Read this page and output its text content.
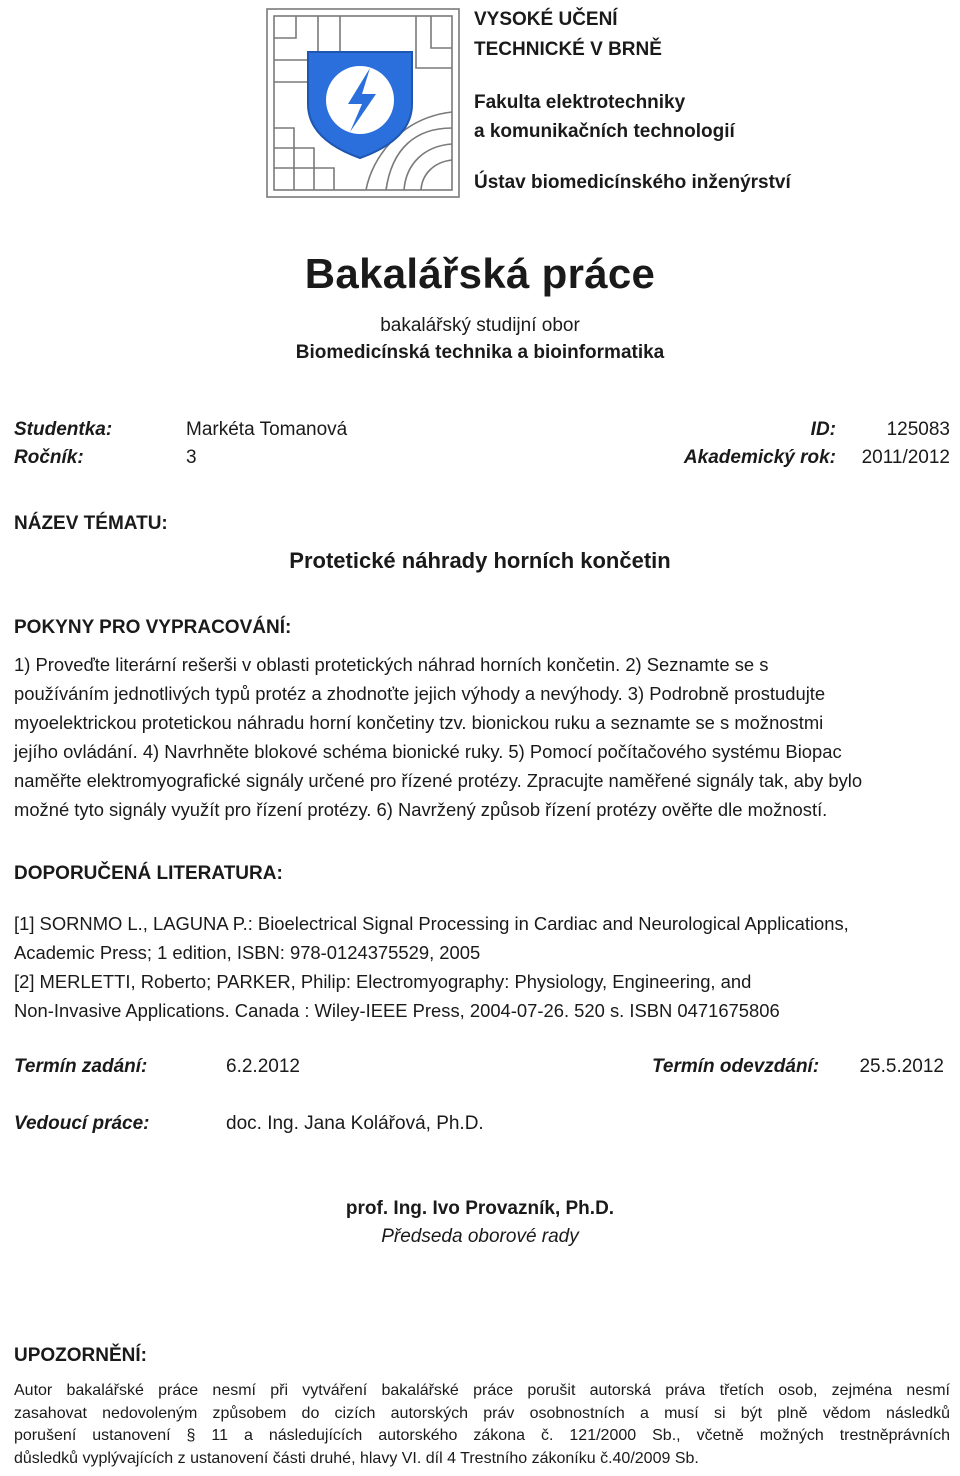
VYSOKÉ UČENÍ
TECHNICKÉ V BRNĚ
Fakulta elektrotechniky
a komunikačních technologií
Ústav biomedicínského inženýrství
Bakalářská práce
bakalářský studijní obor
Biomedicínská technika a bioinformatika
Studentka:	Markéta Tomanová	ID:	125083
Ročník:	3	Akademický rok: 2011/2012
NÁZEV TÉMATU:
Protetické náhrady horních končetin
POKYNY PRO VYPRACOVÁNÍ:

1) Proveďte literární rešerši v oblasti protetických náhrad horních končetin. 2) Seznamte se s

používáním jednotlivých typů protéz a zhodnoťte jejich výhody a nevýhody. 3) Podrobně prostudujte

myoelektrickou protetickou náhradu horní končetiny tzv. bionickou ruku a seznamte se s možnostmi

jejího ovládání. 4) Navrhněte blokové schéma bionické ruky. 5) Pomocí počítačového systému Biopac

naměřte elektromyografické signály určené pro řízené protézy. Zpracujte naměřené signály tak, aby bylo

možné tyto signály využít pro řízení protézy. 6) Navržený způsob řízení protézy ověřte dle možností.

DOPORUČENÁ LITERATURA:

[1] SORNMO L., LAGUNA P.: Bioelectrical Signal Processing in Cardiac and Neurological Applications,

Academic Press; 1 edition, ISBN: 978-0124375529, 2005

[2] MERLETTI, Roberto; PARKER, Philip: Electromyography: Physiology, Engineering, and

Non-Invasive Applications. Canada : Wiley-IEEE Press, 2004-07-26. 520 s. ISBN 0471675806

Termín zadání:	6.2.2012	Termín odevzdání: 25.5.2012
Vedoucí práce:	doc. Ing. Jana Kolářová, Ph.D.
prof. Ing. Ivo Provazník, Ph.D.
Předseda oborové rady
UPOZORNĚNÍ:

Autor bakalářské práce nesmí při vytváření bakalářské práce porušit autorská práva třetích osob, zejména nesmí

zasahovat nedovoleným způsobem do cizích autorských práv osobnostních a musí si být plně vědom následků

porušení ustanovení § 11 a následujících autorského zákona č. 121/2000 Sb., včetně možných trestněprávních

důsledků vyplývajících z ustanovení části druhé, hlavy VI. díl 4 Trestního zákoníku č.40/2009 Sb.
